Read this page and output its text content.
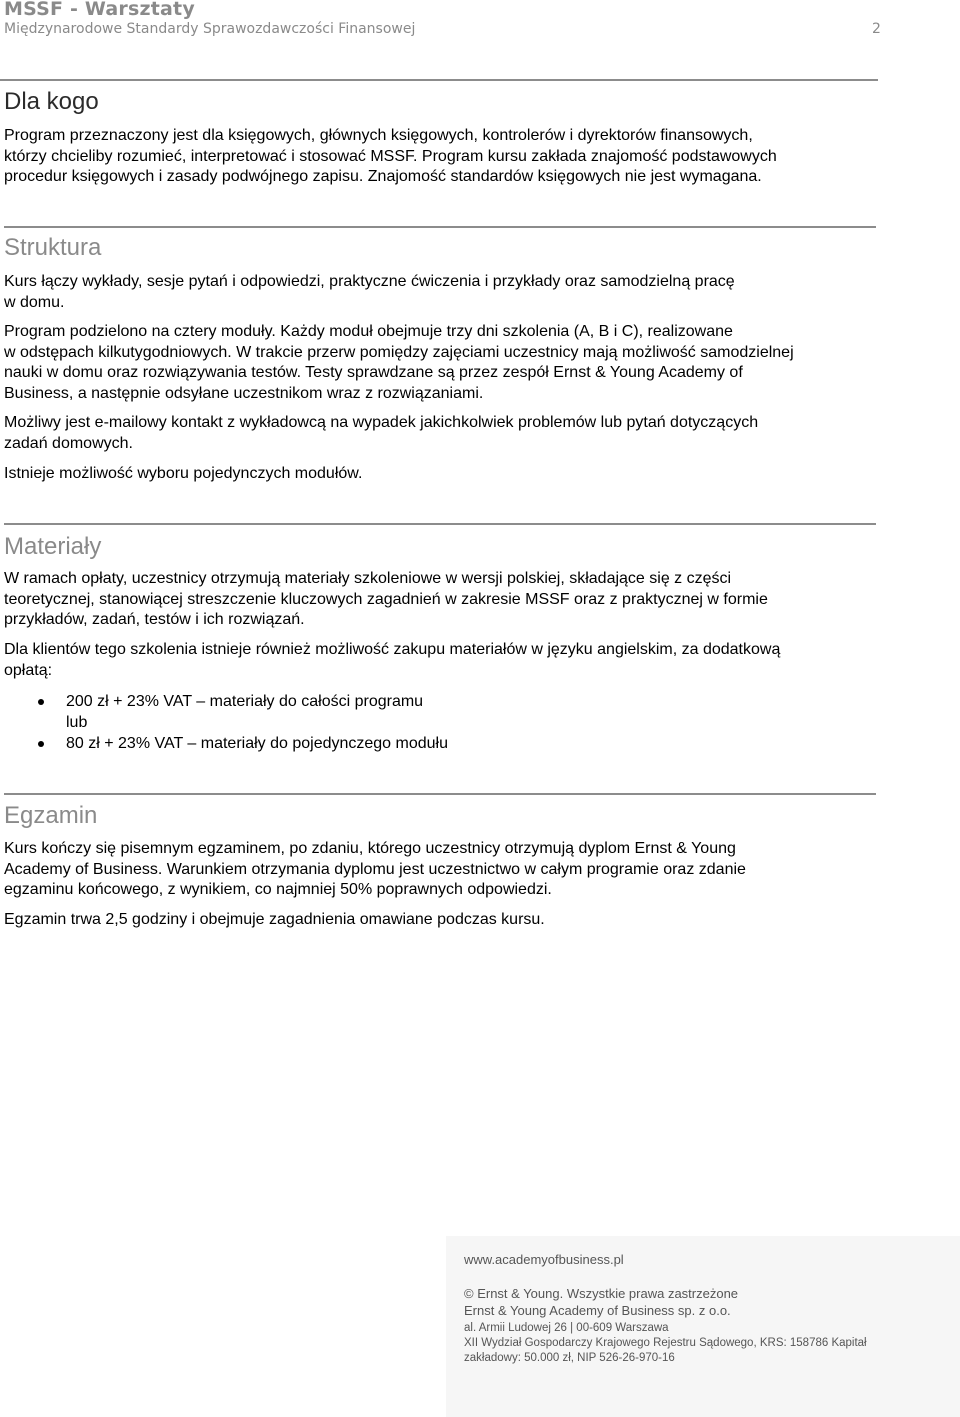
MSSF - Warsztaty
Międzynarodowe Standardy Sprawozdawczości Finansowej	2
Dla kogo
Program przeznaczony jest dla księgowych, głównych księgowych, kontrolerów i dyrektorów finansowych,
którzy chcieliby rozumieć, interpretować i stosować MSSF. Program kursu zakłada znajomość podstawowych
procedur księgowych i zasady podwójnego zapisu. Znajomość standardów księgowych nie jest wymagana.
Struktura
Kurs łączy wykłady, sesje pytań i odpowiedzi, praktyczne ćwiczenia i przykłady oraz samodzielną pracę
w domu.
Program podzielono na cztery moduły. Każdy moduł obejmuje trzy dni szkolenia (A, B i C), realizowane
w odstępach kilkutygodniowych. W trakcie przerw pomiędzy zajęciami uczestnicy mają możliwość samodzielnej
nauki w domu oraz rozwiązywania testów. Testy sprawdzane są przez zespół Ernst & Young Academy of
Business, a następnie odsyłane uczestnikom wraz z rozwiązaniami.
Możliwy jest e-mailowy kontakt z wykładowcą na wypadek jakichkolwiek problemów lub pytań dotyczących
zadań domowych.
Istnieje możliwość wyboru pojedynczych modułów.
Materiały
W ramach opłaty, uczestnicy otrzymują materiały szkoleniowe w wersji polskiej, składające się z części
teoretycznej, stanowiącej streszczenie kluczowych zagadnień w zakresie MSSF oraz z praktycznej w formie
przykładów, zadań, testów i ich rozwiązań.
Dla klientów tego szkolenia istnieje również możliwość zakupu materiałów w języku angielskim, za dodatkową
opłatą:
200 zł + 23% VAT – materiały do całości programu
lub
80 zł + 23% VAT – materiały do pojedynczego modułu
Egzamin
Kurs kończy się pisemnym egzaminem, po zdaniu, którego uczestnicy otrzymują dyplom Ernst & Young
Academy of Business. Warunkiem otrzymania dyplomu jest uczestnictwo w całym programie oraz zdanie
egzaminu końcowego, z wynikiem, co najmniej 50% poprawnych odpowiedzi.
Egzamin trwa 2,5 godziny i obejmuje zagadnienia omawiane podczas kursu.
www.academyofbusiness.pl
© Ernst & Young. Wszystkie prawa zastrzeżone
Ernst & Young Academy of Business sp. z o.o.
al. Armii Ludowej 26 | 00-609 Warszawa
XII Wydział Gospodarczy Krajowego Rejestru Sądowego, KRS: 158786 Kapitał
zakładowy: 50.000 zł, NIP 526-26-970-16
